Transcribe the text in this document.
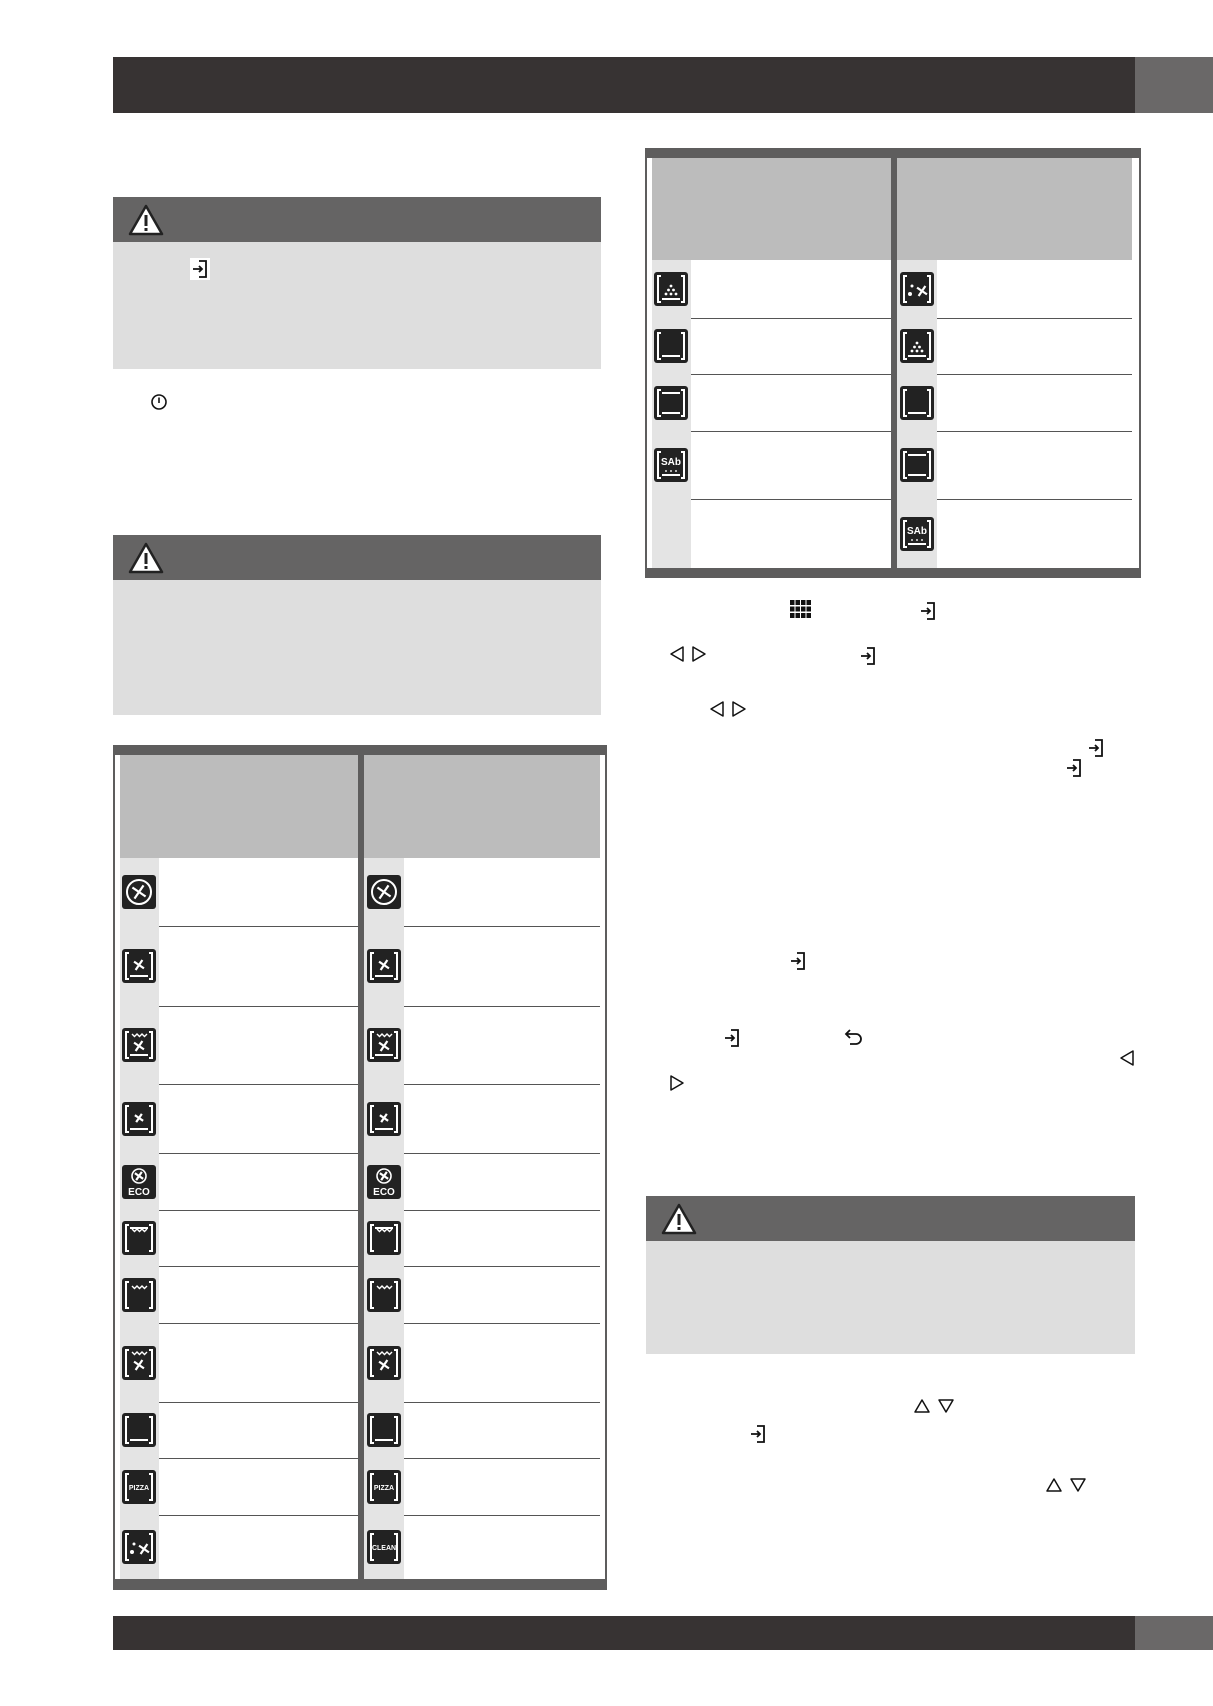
ECO	ECO
PIZZA	PIZZA
CLEAN
SAb
SAb
